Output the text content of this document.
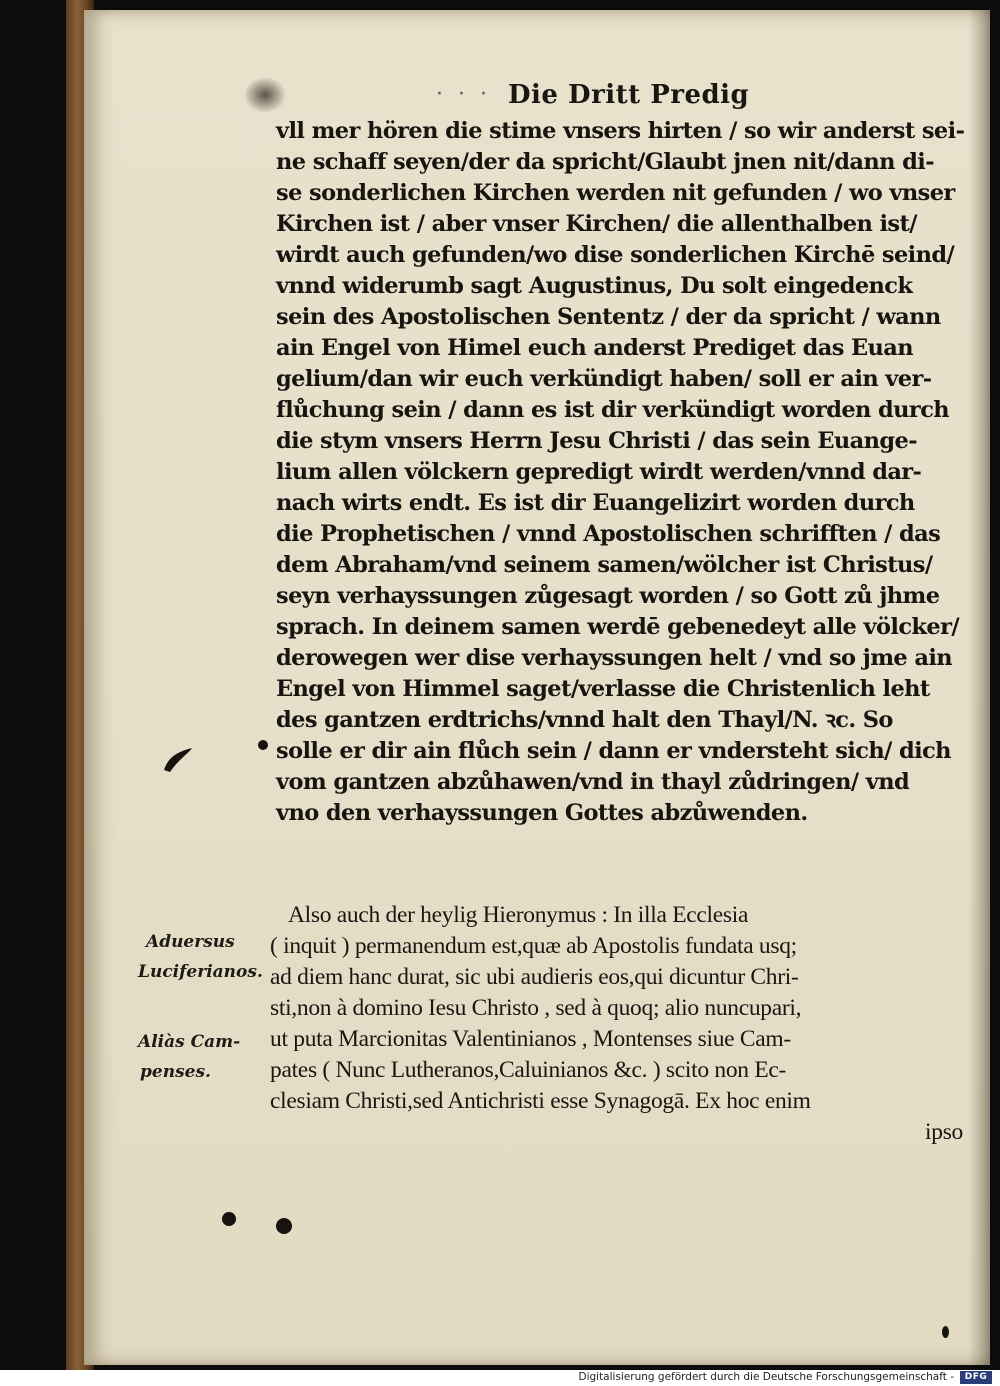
· · · Die Dritt Predig
vll mer hören die stime vnsers hirten / so wir anderst sei-
ne schaff seyen/der da spricht/Glaubt jnen nit/dann di-
se sonderlichen Kirchen werden nit gefunden / wo vnser
Kirchen ist / aber vnser Kirchen/ die allenthalben ist/
wirdt auch gefunden/wo dise sonderlichen Kirchē seind/
vnnd widerumb sagt Augustinus, Du solt eingedenck
sein des Apostolischen Sententz / der da spricht / wann
ain Engel von Himel euch anderst Prediget das Euan
gelium/dan wir euch verkündigt haben/ soll er ain ver-
flůchung sein / dann es ist dir verkündigt worden durch
die stym vnsers Herrn Jesu Christi / das sein Euange-
lium allen völckern gepredigt wirdt werden/vnnd dar-
nach wirts endt. Es ist dir Euangelizirt worden durch
die Prophetischen / vnnd Apostolischen schrifften / das
dem Abraham/vnd seinem samen/wölcher ist Christus/
seyn verhayssungen zůgesagt worden / so Gott zů jhme
sprach. In deinem samen werdē gebenedeyt alle völcker/
derowegen wer dise verhayssungen helt / vnd so jme ain
Engel von Himmel saget/verlasse die Christenlich leht
des gantzen erdtrichs/vnnd halt den Thayl/N. ꝛc. So
solle er dir ain flůch sein / dann er vndersteht sich/ dich
vom gantzen abzůhawen/vnd in thayl zůdringen/ vnd
vno den verhayssungen Gottes abzůwenden.
Also auch der heylig Hieronymus : In illa Ecclesia
( inquit ) permanendum est,quæ ab Apostolis fundata usq;
ad diem hanc durat, sic ubi audieris eos,qui dicuntur Chri-
sti,non à domino Iesu Christo , sed à quoq; alio nuncupari,
ut puta Marcionitas Valentinianos , Montenses siue Cam-
pates ( Nunc Lutheranos,Caluinianos &c. ) scito non Ec-
clesiam Christi,sed Antichristi esse Synagogā. Ex hoc enim
ipso
Aduersus
Luciferianos.
Aliàs Cam-
penses.
Digitalisierung gefördert durch die Deutsche Forschungsgemeinschaft -	DFG
